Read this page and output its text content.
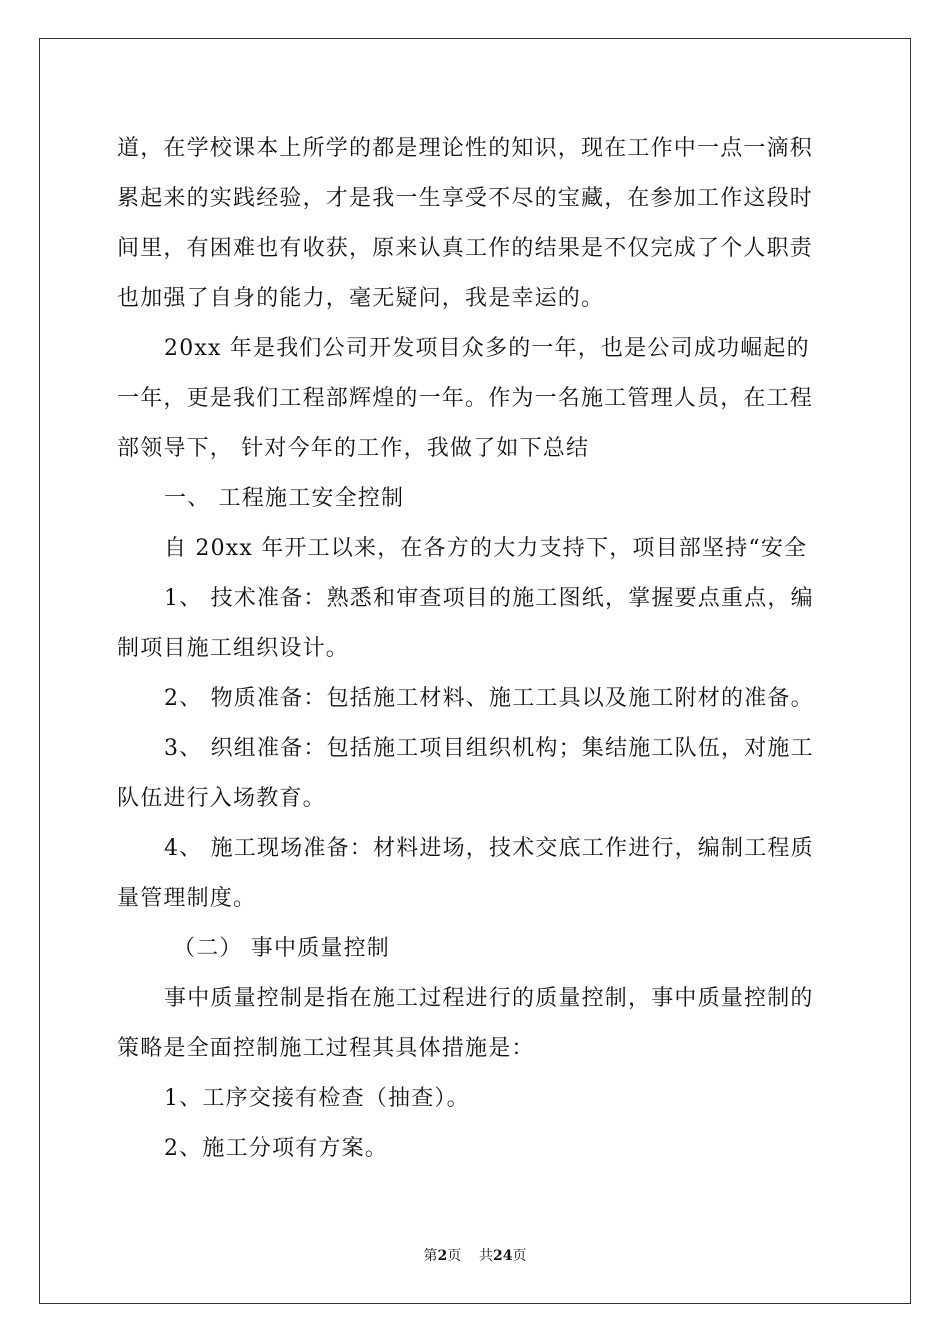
道，在学校课本上所学的都是理论性的知识，现在工作中一点一滴积

累起来的实践经验，才是我一生享受不尽的宝藏，在参加工作这段时

间里，有困难也有收获，原来认真工作的结果是不仅完成了个人职责

也加强了自身的能力，毫无疑问，我是幸运的。

20xx 年是我们公司开发项目众多的一年，也是公司成功崛起的

一年，更是我们工程部辉煌的一年。作为一名施工管理人员，在工程

部领导下， 针对今年的工作，我做了如下总结

一、 工程施工安全控制

自 20xx 年开工以来，在各方的大力支持下，项目部坚持“安全

1、 技术准备：熟悉和审查项目的施工图纸，掌握要点重点，编

制项目施工组织设计。

2、 物质准备：包括施工材料、施工工具以及施工附材的准备。

3、 织组准备：包括施工项目组织机构；集结施工队伍，对施工

队伍进行入场教育。

4、 施工现场准备：材料进场，技术交底工作进行，编制工程质

量管理制度。

（二） 事中质量控制

事中质量控制是指在施工过程进行的质量控制，事中质量控制的

策略是全面控制施工过程其具体措施是：

1、工序交接有检查（抽查）。

2、施工分项有方案。

第2页 共24页
